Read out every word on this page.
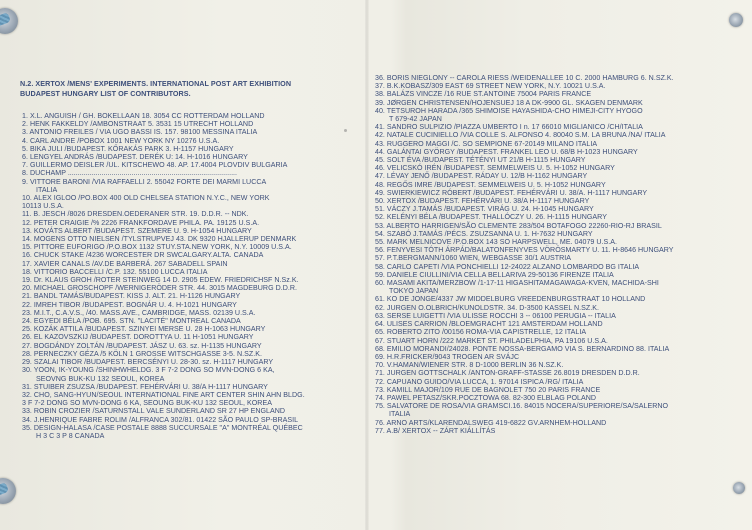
N.2. XERTOX /MENS' EXPERIMENTS. INTERNATIONAL POST ART EXHIBITION
BUDAPEST HUNGARY LIST OF CONTRIBUTORS.
1. X.L. ANGUISH / GH. BOKELLAAN 18. 3054 CC ROTTERDAM HOLLAND
2. HENK FAKKELDY /AMBONSTRAAT 5. 3531 15 UTRECHT HOLLAND
3. ANTONIO FREILES / VIA UGO BASSI IS. 157. 98100 MESSINA ITALIA
4. CARL ANDRE /POBOX 1001 NEW YORK NY 10276 U.S.A.
5. BIKA JULI /BUDAPEST. KŐRAKÁS PARK 3. H-1157 HUNGARY
6. LENGYEL ANDRÁS /BUDAPEST. DERÉK U: 14. H-1016 HUNGARY
7. GUILLERMO DEISLER /UL. KITSCHEWO 48. AP. 17.4004 PLOVDIV BULGARIA
8. DUCHAMP .....................................................................................
9. VITTORE BARONI /VIA RAFFAELLI 2. 55042 FORTE DEI MARMI LUCCA
ITALIA
10. ALEX IGLOO /PO.BOX 400 OLD CHELSEA STATION N.Y.C., NEW YORK
10113 U.S.A.
11. B. JESCH /8026 DRESDEN.OEDERANER STR. 19. D.D.R. -- NDK.
12. PETER CRAIGIE /% 2226 FRANKFORDAVE PHILA. PA. 19125 U.S.A.
13. KOVÁTS ALBERT /BUDAPEST. SZEMERE U. 9. H-1054 HUNGARY
14. MOGENS OTTO NIELSEN /TYLSTRUPVEJ 43. DK 9320 HJALLERUP DENMARK
15. PITTORE EUFORIGO /P.O.BOX 1132 STUY.STA.NEW YORK, N.Y. 10009 U.S.A.
16. CHUCK STAKE /4236 WORCESTER DR SWCALGARY.ALTA. CANADA
17. XAVIER CANALS /AV.DE BARBERÁ. 267 SABADELL SPAIN
18. VITTORIO BACCELLI /C.P. 132. 55100 LUCCA ITALIA
19. Dr. KLAUS GROH /ROTER STEINWEG 14 D. 2905 EDEW. FRIEDRICHSF N.Sz.K.
20. MICHAEL GROSCHOPF /WERNIGERÖDER STR. 44. 3015 MAGDEBURG D.D.R.
21. BANDL TAMÁS/BUDAPEST. KISS J. ALT. 21. H-1126 HUNGARY
22. IMREH TIBOR /BUDAPEST. BOGNÁR U. 4. H-1021 HUNGARY
23. M.I.T., C.A.V.S., /40. MASS.AVE., CAMBRIDGE, MASS. 02139 U.S.A.
24. EGYEDI BÉLA /POB. 695. STN. "LACITÉ" MONTREAL CANADA
25. KOZÁK ATTILA /BUDAPEST. SZINYEI MERSE U. 28 H-1063 HUNGARY
26. EL KAZOVSZKIJ /BUDAPEST. DOROTTYA U. 11 H-1051 HUNGARY
27. BOGDÁNDY ZOLTÁN /BUDAPEST. JÁSZ U. 63. sz. H-1135 HUNGARY
28. PERNECZKY GÉZA /5 KÖLN 1 GROSSE WITSCHGASSE 3-5. N.SZ.K.
29. SZALAI TIBOR /BUDAPEST. BERCSÉNYI U. 28-30. sz. H-1117 HUNGARY
30. YOON, IK-YOUNG /SHINHWHELDG. 3 F 7-2 DONG SO MVN-DONG 6 KA,
SEOVNG BUK-KU 132 SEOUL, KOREA
31. STUIBER ZSUZSA /BUDAPEST. FEHÉRVÁRI U. 38/A H-1117 HUNGARY
32. CHO, SANG-HYUN/SEOUL INTERNATIONAL FINE ART CENTER SHIN AHN BLDG.
3 F 7-2 DONG SO MVN-DONG 6 KA, SEOUNG BUK-KU 132 SEOUL, KOREA
33. ROBIN CROZIER /SATURNSTALL VALE SUNDERLAND SR 27 HP ENGLAND
34. J.HENRIQUE FABRE ROLIM /ALFRANCA 302/81. 01422 SÃO PAULO SP-BRASIL
35. DESIGN-HALASA /CASE POSTALE 8888 SUCCURSALE "A" MONTRÉAL QUÉBEC
H 3 C 3 P 8 CANADA
36. BORIS NIEGLONY -- CAROLA RIESS /WEIDENALLEE 10 C. 2000 HAMBURG 6. N.SZ.K.
37. B.K.KOBASZ/309 EAST 69 STREET NEW YORK, N.Y. 10021 U.S.A.
38. BALÁZS VINCZE /16 RUE ST.ANTOINE 75004 PARIS FRANCE
39. JØRGEN CHRISTENSEN/HOJENSUEJ 18 A DK-9900 GL. SKAGEN DENMARK
40. TETSUROH HARADA /365 SHIMOISE HAYASHIDA-CHO HIMEJI-CITY HYOGO
T 679-42 JAPAN
41. SANDRO SULPIZIO /PIAZZA UMBERTO I n. 17 66010 MIGLIANICO /CH/ITALIA
42. NATALE CUCINIELLO /VIA COLLE S. ALFONSO 4. 80040 S.M. LA BRUNA /NA/ ITALIA
43. RUGGERO MAGGI /C. SO SEMPIONE 67-20149 MILANO ITALIA
44. GALÁNTAI GYÖRGY /BUDAPEST. FRANKEL LEO U. 68/B H-1023 HUNGARY
45. SOLT ÉVA /BUDAPEST. TÉTÉNYI UT 21/B H-1115 HUNGARY
46. VELICSKÓ IRÉN /BUDAPEST. SEMMELWEIS U. 5. H-1052 HUNGARY
47. LÉVAY JENŐ /BUDAPEST. RÁDAY U. 12/B H-1162 HUNGARY
48. REGŐS IMRE /BUDAPEST. SEMMELWEIS U. 5. H-1052 HUNGARY
49. SWIERKIEWICZ RÓBERT /BUDAPEST. FEHÉRVÁRI U. 38/A. H-1117 HUNGARY
50. XERTOX /BUDAPEST. FEHÉRVÁRI U. 38/A H-1117 HUNGARY
51. VÁCZY J.TAMÁS /BUDAPEST. VIRÁG U. 24. H-1045 HUNGARY
52. KELÉNYI BÉLA /BUDAPEST. THALLÓCZY U. 26. H-1115 HUNGARY
53. ALBERTO HARRIGEN/SÃO CLEMENTE 283/504 BOTAFOGO 22260-RIO-RJ BRASIL
54. SZABÓ J.TAMÁS /PÉCS. ZSUZSANNA U. 1. H-7632 HUNGARY
55. MARK MELNICOVE /P.O.BOX 143 SO HARPSWELL, ME. 04079 U.S.A.
56. FENYVESI TÓTH ÁRPÁD/BALATONFENYVES VÖRÖSMARTY U. 11. H-8646 HUNGARY
57. P.T.BERGMANN/1060 WIEN, WEBGASSE 30/1 AUSTRIA
58. CARLO CAPETI /VIA PONCHIELLI 12-24022 ALZANO LOMBARDO BG ITALIA
59. DANIELE CIULLINI/VIA CELLA BELLARIVA 29-50136 FIRENZE ITALIA
60. MASAMI AKITA/MERZBOW /1-17-11 HIGASHITAMAGAWAGA-KVEN, MACHIDA-SHI
TOKYO JAPAN
61. KO DE JONGE/4337 JW MIDDELBURG VREEDENBURGSTRAAT 10 HOLLAND
62. JURGEN O.OLBRICH/KUNOLDSTR. 34. D-3500 KASSEL N.SZ.K.
63. SERSE LUIGETTI /VIA ULISSE ROCCHI 3 -- 06100 PERUGIA -- ITALIA
64. ULISES CARRION /BLOEMGRACHT 121 AMSTERDAM HOLLAND
65. ROBERTO ZITO /00156 ROMA-VIA CAPISTRELLE, 12 ITALIA
67. STUART HORN /222 MARKET ST. PHILADELPHIA, PA 19106 U.S.A.
68. EMILIO MORANDI/24028. PONTE NOSSA-BERGAMO VIA S. BERNARDINO 88. ITALIA
69. H.R.FRICKER/9043 TROGEN AR SVÁJC
70. V.HAMAN/WIENER STR. 8 D-1000 BERLIN 36 N.SZ.K.
71. JURGEN GOTTSCHALK /ANTON-GRAFF-STASSE 26.8019 DRESDEN D.D.R.
72. CAPUANO GUIDO/VIA LUCCA, 1. 97014 ISPICA /RG/ ITALIA
73. KAMILL MAJOR/109 RUE DE BAGNOLET 750 20 PARIS FRANCE
74. PAWEL PETASZ/SKR.POCZTOWA 68. 82-300 ELBLAG POLAND
75. SALVATORE DE ROSA/VIA GRAMSCI.16. 84015 NOCERA/SUPERIORE/SA/SALERNO
ITALIA
76. ARNO ARTS/KLARENDALSWEG 419-6822 GV.ARNHEM-HOLLAND
77. A.B/ XERTOX -- ZÁRT KIÁLLÍTÁS
